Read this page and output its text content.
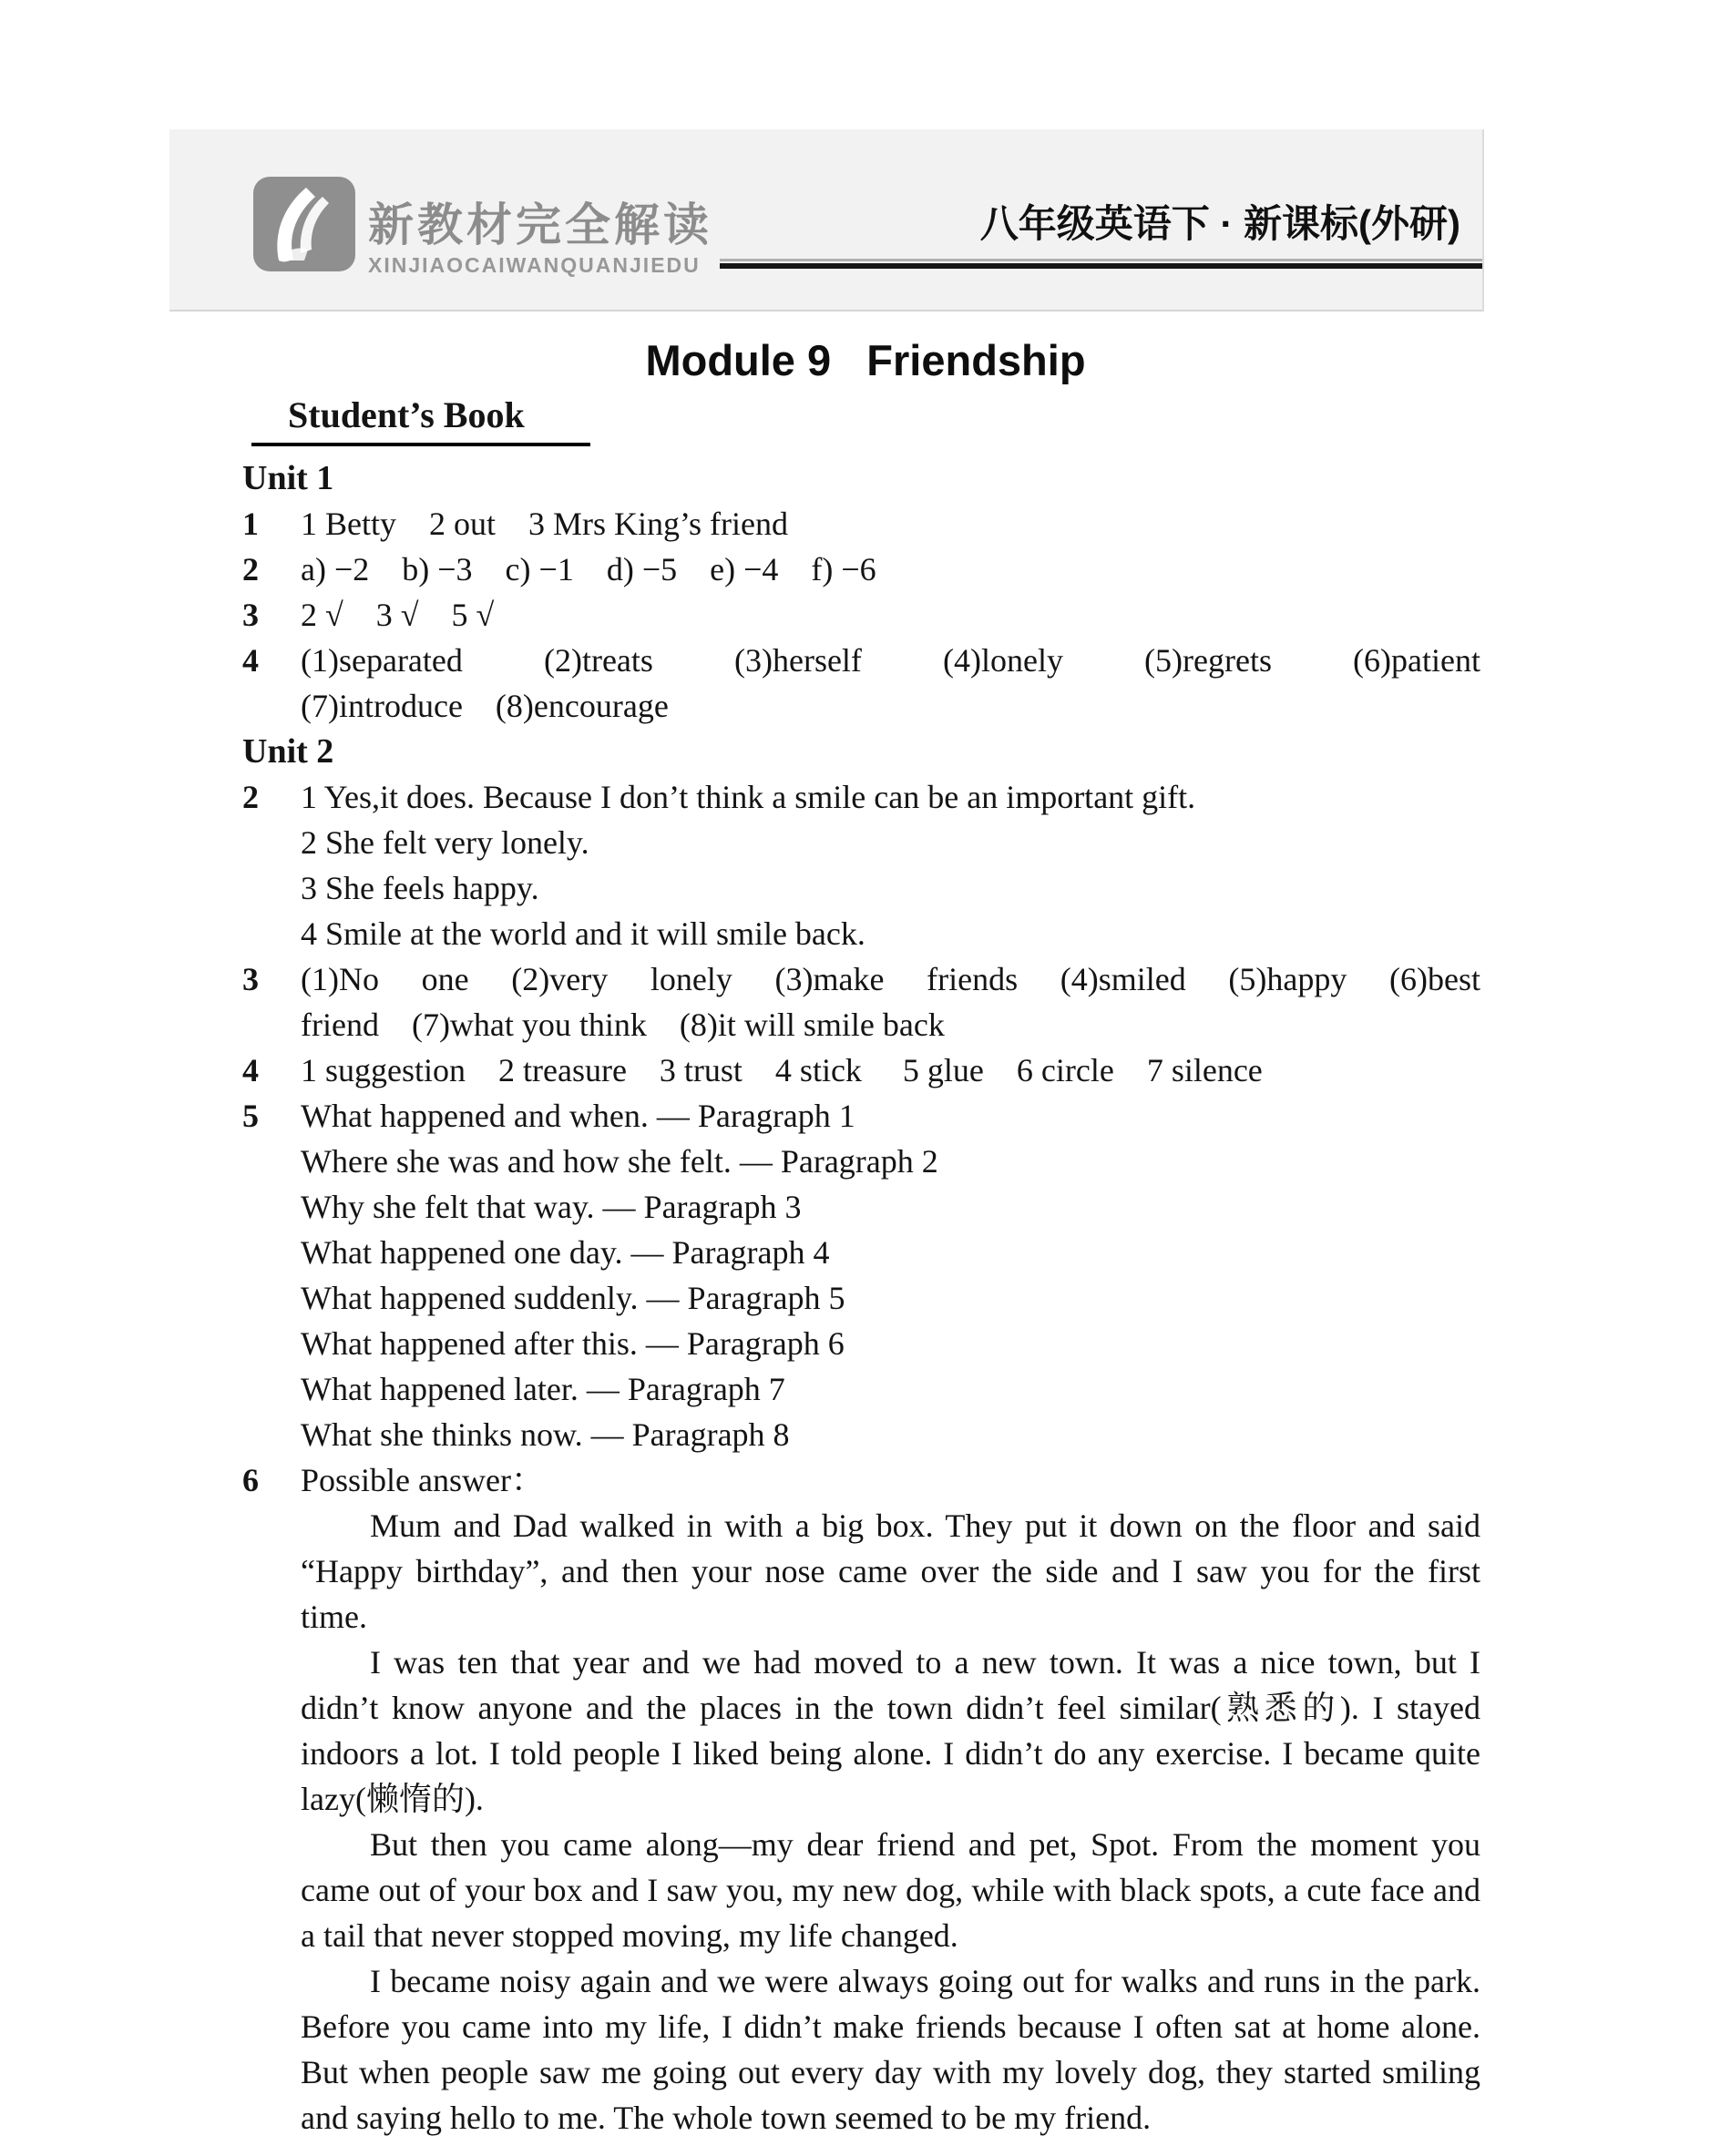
新教材完全解读
XINJIAOCAIWANQUANJIEDU
八年级英语下 · 新课标(外研)
Module 9   Friendship
Student’s Book
Unit 1
1	1 Betty    2 out    3 Mrs King’s friend
2	a) −2    b) −3    c) −1    d) −5    e) −4    f) −6
3	2 √    3 √    5 √
4	(1)separated (2)treats (3)herself (4)lonely (5)regrets (6)patient
(7)introduce    (8)encourage
Unit 2
2	1 Yes,it does. Because I don’t think a smile can be an important gift.
2 She felt very lonely.
3 She feels happy.
4 Smile at the world and it will smile back.
3	(1)No one (2)very lonely (3)make friends (4)smiled (5)happy (6)best
friend    (7)what you think    (8)it will smile back
4	1 suggestion    2 treasure    3 trust    4 stick     5 glue    6 circle    7 silence
5	What happened and when. — Paragraph 1
Where she was and how she felt. — Paragraph 2
Why she felt that way. — Paragraph 3
What happened one day. — Paragraph 4
What happened suddenly. — Paragraph 5
What happened after this. — Paragraph 6
What happened later. — Paragraph 7
What she thinks now. — Paragraph 8
6	Possible answer：
Mum and Dad walked in with a big box. They put it down on the floor and said
“Happy birthday”, and then your nose came over the side and I saw you for the first
time.
I was ten that year and we had moved to a new town. It was a nice town, but I
didn’t know anyone and the places in the town didn’t feel similar(熟悉的). I stayed
indoors a lot. I told people I liked being alone. I didn’t do any exercise. I became quite
lazy(懒惰的).
But then you came along—my dear friend and pet, Spot. From the moment you
came out of your box and I saw you, my new dog, while with black spots, a cute face and
a tail that never stopped moving, my life changed.
I became noisy again and we were always going out for walks and runs in the park.
Before you came into my life, I didn’t make friends because I often sat at home alone.
But when people saw me going out every day with my lovely dog, they started smiling
and saying hello to me. The whole town seemed to be my friend.
